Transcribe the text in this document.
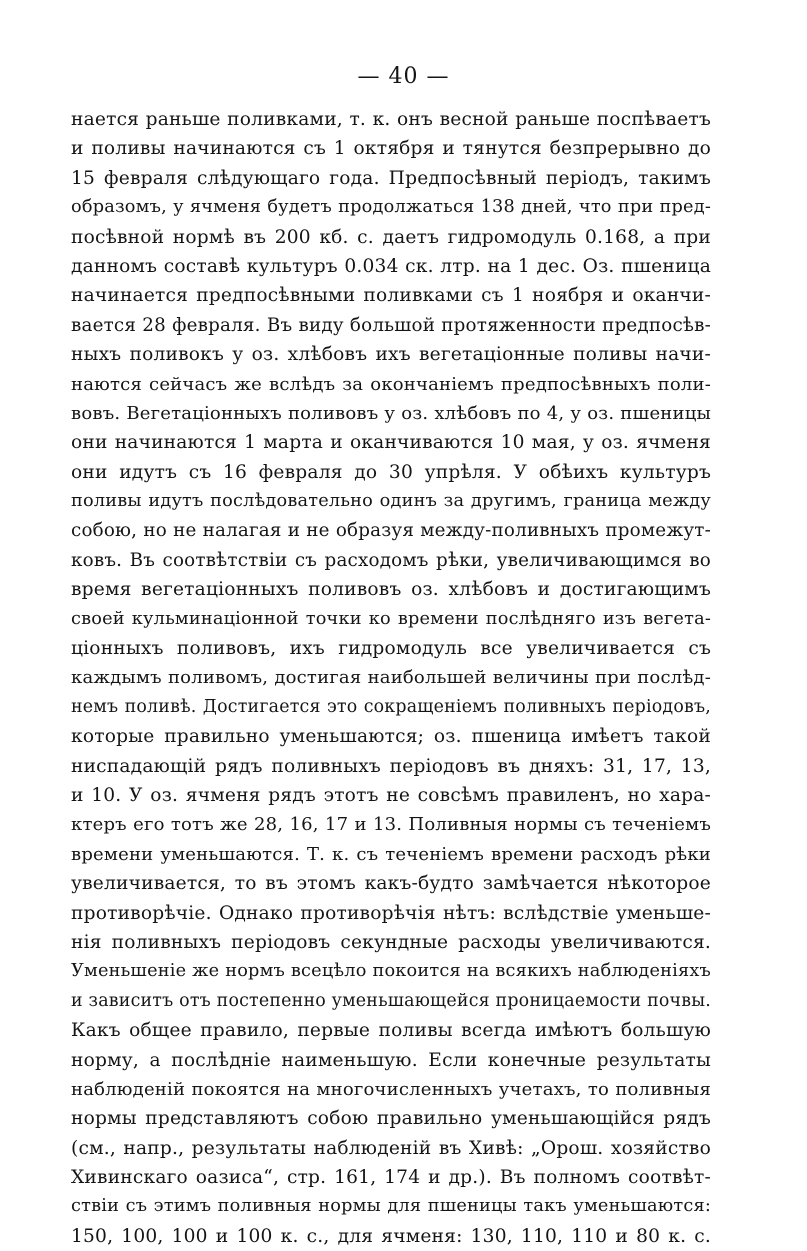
— 40 —
нается раньше поливками, т. к. онъ весной раньше поспѣваетъ
и поливы начинаются съ 1 октября и тянутся безпрерывно до
15 февраля слѣдующаго года. Предпосѣвный періодъ, такимъ
образомъ, у ячменя будетъ продолжаться 138 дней, что при пред-
посѣвной нормѣ въ 200 кб. с. даетъ гидромодуль 0.168, а при
данномъ составѣ культуръ 0.034 ск. лтр. на 1 дес. Оз. пшеница
начинается предпосѣвными поливками съ 1 ноября и оканчи-
вается 28 февраля. Въ виду большой протяженности предпосѣв-
ныхъ поливокъ у оз. хлѣбовъ ихъ вегетаціонные поливы начи-
наются сейчасъ же вслѣдъ за окончаніемъ предпосѣвныхъ поли-
вовъ. Вегетаціонныхъ поливовъ у оз. хлѣбовъ по 4, у оз. пшеницы
они начинаются 1 марта и оканчиваются 10 мая, у оз. ячменя
они идутъ съ 16 февраля до 30 упрѣля. У обѣихъ культуръ
поливы идутъ послѣдовательно одинъ за другимъ, граница между
собою, но не налагая и не образуя между-поливныхъ промежут-
ковъ. Въ соотвѣтствіи съ расходомъ рѣки, увеличивающимся во
время вегетаціонныхъ поливовъ оз. хлѣбовъ и достигающимъ
своей кульминаціонной точки ко времени послѣдняго изъ вегета-
ціонныхъ поливовъ, ихъ гидромодуль все увеличивается съ
каждымъ поливомъ, достигая наибольшей величины при послѣд-
немъ поливѣ. Достигается это сокращеніемъ поливныхъ періодовъ,
которые правильно уменьшаются; оз. пшеница имѣетъ такой
ниспадающій рядъ поливныхъ періодовъ въ дняхъ: 31, 17, 13,
и 10. У оз. ячменя рядъ этотъ не совсѣмъ правиленъ, но хара-
ктеръ его тотъ же 28, 16, 17 и 13. Поливныя нормы съ теченіемъ
времени уменьшаются. Т. к. съ теченіемъ времени расходъ рѣки
увеличивается, то въ этомъ какъ-будто замѣчается нѣкоторое
противорѣчіе. Однако противорѣчія нѣтъ: вслѣдствіе уменьше-
нія поливныхъ періодовъ секундные расходы увеличиваются.
Уменьшеніе же нормъ всецѣло покоится на всякихъ наблюденіяхъ
и зависитъ отъ постепенно уменьшающейся проницаемости почвы.
Какъ общее правило, первые поливы всегда имѣютъ большую
норму, а послѣдніе наименьшую. Если конечные результаты
наблюденій покоятся на многочисленныхъ учетахъ, то поливныя
нормы представляютъ собою правильно уменьшающійся рядъ
(см., напр., результаты наблюденій въ Хивѣ: „Орош. хозяйство
Хивинскаго оазиса“, стр. 161, 174 и др.). Въ полномъ соотвѣт-
ствіи съ этимъ поливныя нормы для пшеницы такъ уменьшаются:
150, 100, 100 и 100 к. с., для ячменя: 130, 110, 110 и 80 к. с.
